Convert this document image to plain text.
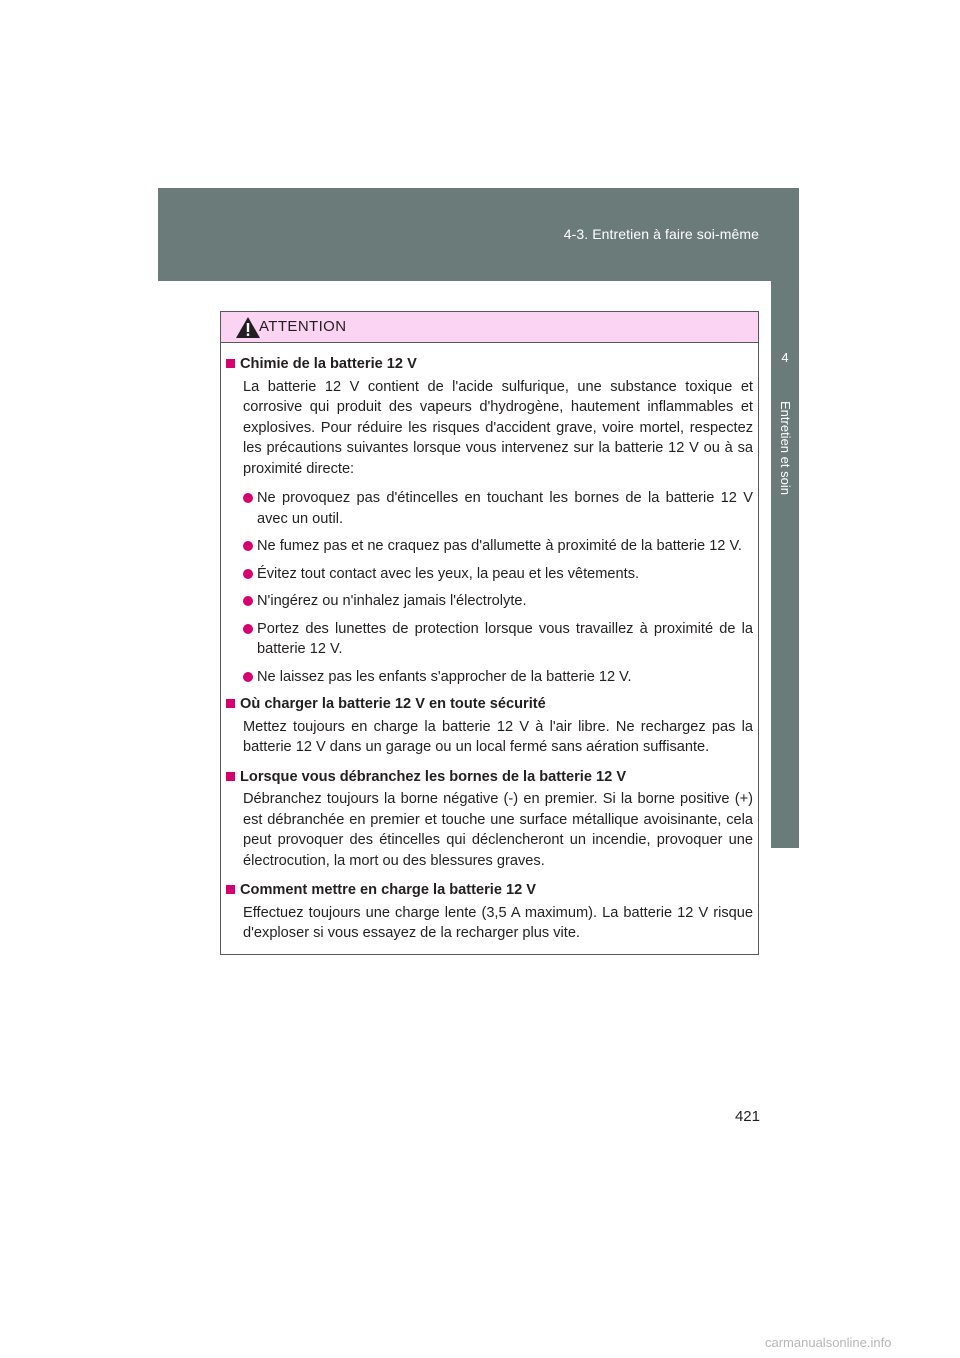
4-3. Entretien à faire soi-même
4
Entretien et soin
ATTENTION
Chimie de la batterie 12 V
La batterie 12 V contient de l'acide sulfurique, une substance toxique et corrosive qui produit des vapeurs d'hydrogène, hautement inflammables et explosives. Pour réduire les risques d'accident grave, voire mortel, respectez les précautions suivantes lorsque vous intervenez sur la batterie 12 V ou à sa proximité directe:
Ne provoquez pas d'étincelles en touchant les bornes de la batterie 12 V avec un outil.
Ne fumez pas et ne craquez pas d'allumette à proximité de la batterie 12 V.
Évitez tout contact avec les yeux, la peau et les vêtements.
N'ingérez ou n'inhalez jamais l'électrolyte.
Portez des lunettes de protection lorsque vous travaillez à proximité de la batterie 12 V.
Ne laissez pas les enfants s'approcher de la batterie 12 V.
Où charger la batterie 12 V en toute sécurité
Mettez toujours en charge la batterie 12 V à l'air libre. Ne rechargez pas la batterie 12 V dans un garage ou un local fermé sans aération suffisante.
Lorsque vous débranchez les bornes de la batterie 12 V
Débranchez toujours la borne négative (-) en premier. Si la borne positive (+) est débranchée en premier et touche une surface métallique avoisinante, cela peut provoquer des étincelles qui déclencheront un incendie, provoquer une électrocution, la mort ou des blessures graves.
Comment mettre en charge la batterie 12 V
Effectuez toujours une charge lente (3,5 A maximum). La batterie 12 V risque d'exploser si vous essayez de la recharger plus vite.
421
carmanualsonline.info
